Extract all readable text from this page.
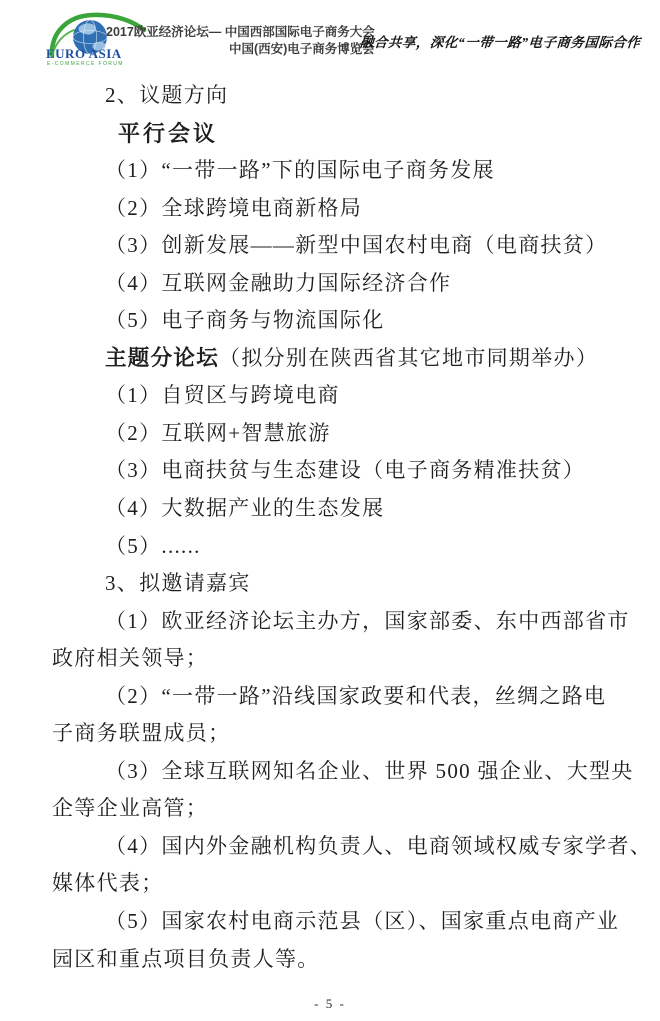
EURO ASIA
E-COMMERCE FORUM
2017欧亚经济论坛— 中国西部国际电子商务大会
中国(西安)电子商务博览会
融合共享，深化“一带一路”电子商务国际合作

2、议题方向

平行会议

（1）“一带一路”下的国际电子商务发展

（2）全球跨境电商新格局

（3）创新发展——新型中国农村电商（电商扶贫）

（4）互联网金融助力国际经济合作

（5）电子商务与物流国际化

主题分论坛（拟分别在陕西省其它地市同期举办）

（1）自贸区与跨境电商

（2）互联网+智慧旅游

（3）电商扶贫与生态建设（电子商务精准扶贫）

（4）大数据产业的生态发展

（5）......

3、拟邀请嘉宾

（1）欧亚经济论坛主办方，国家部委、东中西部省市

政府相关领导；

（2）“一带一路”沿线国家政要和代表，丝绸之路电

子商务联盟成员；

（3）全球互联网知名企业、世界 500 强企业、大型央

企等企业高管；

（4）国内外金融机构负责人、电商领域权威专家学者、

媒体代表；

（5）国家农村电商示范县（区）、国家重点电商产业

园区和重点项目负责人等。

- 5 -
